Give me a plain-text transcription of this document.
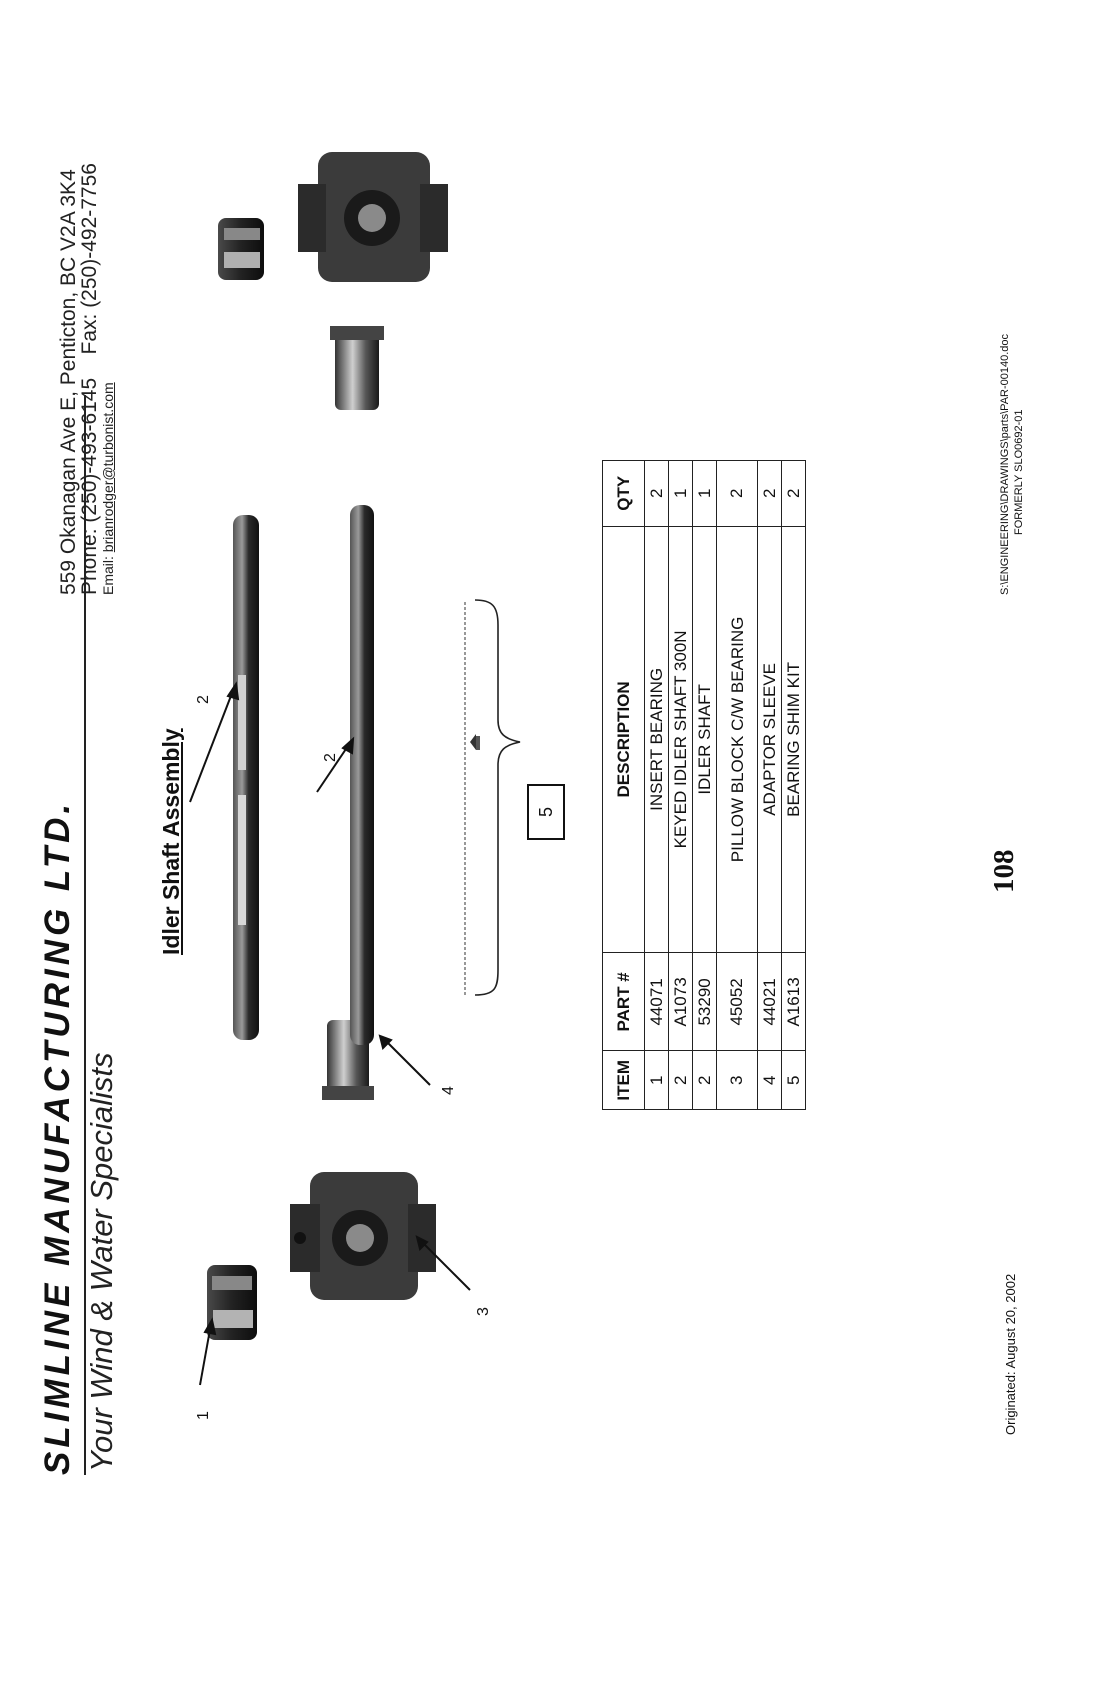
SLIMLINE MANUFACTURING LTD. Your Wind & Water Specialists
559 Okanagan Ave E, Penticton, BC V2A 3K4
Phone: (250)-493-6145    Fax: (250)-492-7756
Email: brianrodger@turbonist.com
Idler Shaft Assembly
1
3
4
2
2
5
ITEM	PART #	DESCRIPTION	QTY
1	44071	INSERT BEARING	2
2	A1073	KEYED IDLER SHAFT 300N	1
2	53290	IDLER SHAFT	1
3	45052	PILLOW BLOCK C/W BEARING	2
4	44021	ADAPTOR SLEEVE	2
5	A1613	BEARING SHIM KIT	2
Originated: August 20, 2002
108
S:\ENGINEERING\DRAWINGS\parts\PAR-00140.doc FORMERLY SLO0692-01
